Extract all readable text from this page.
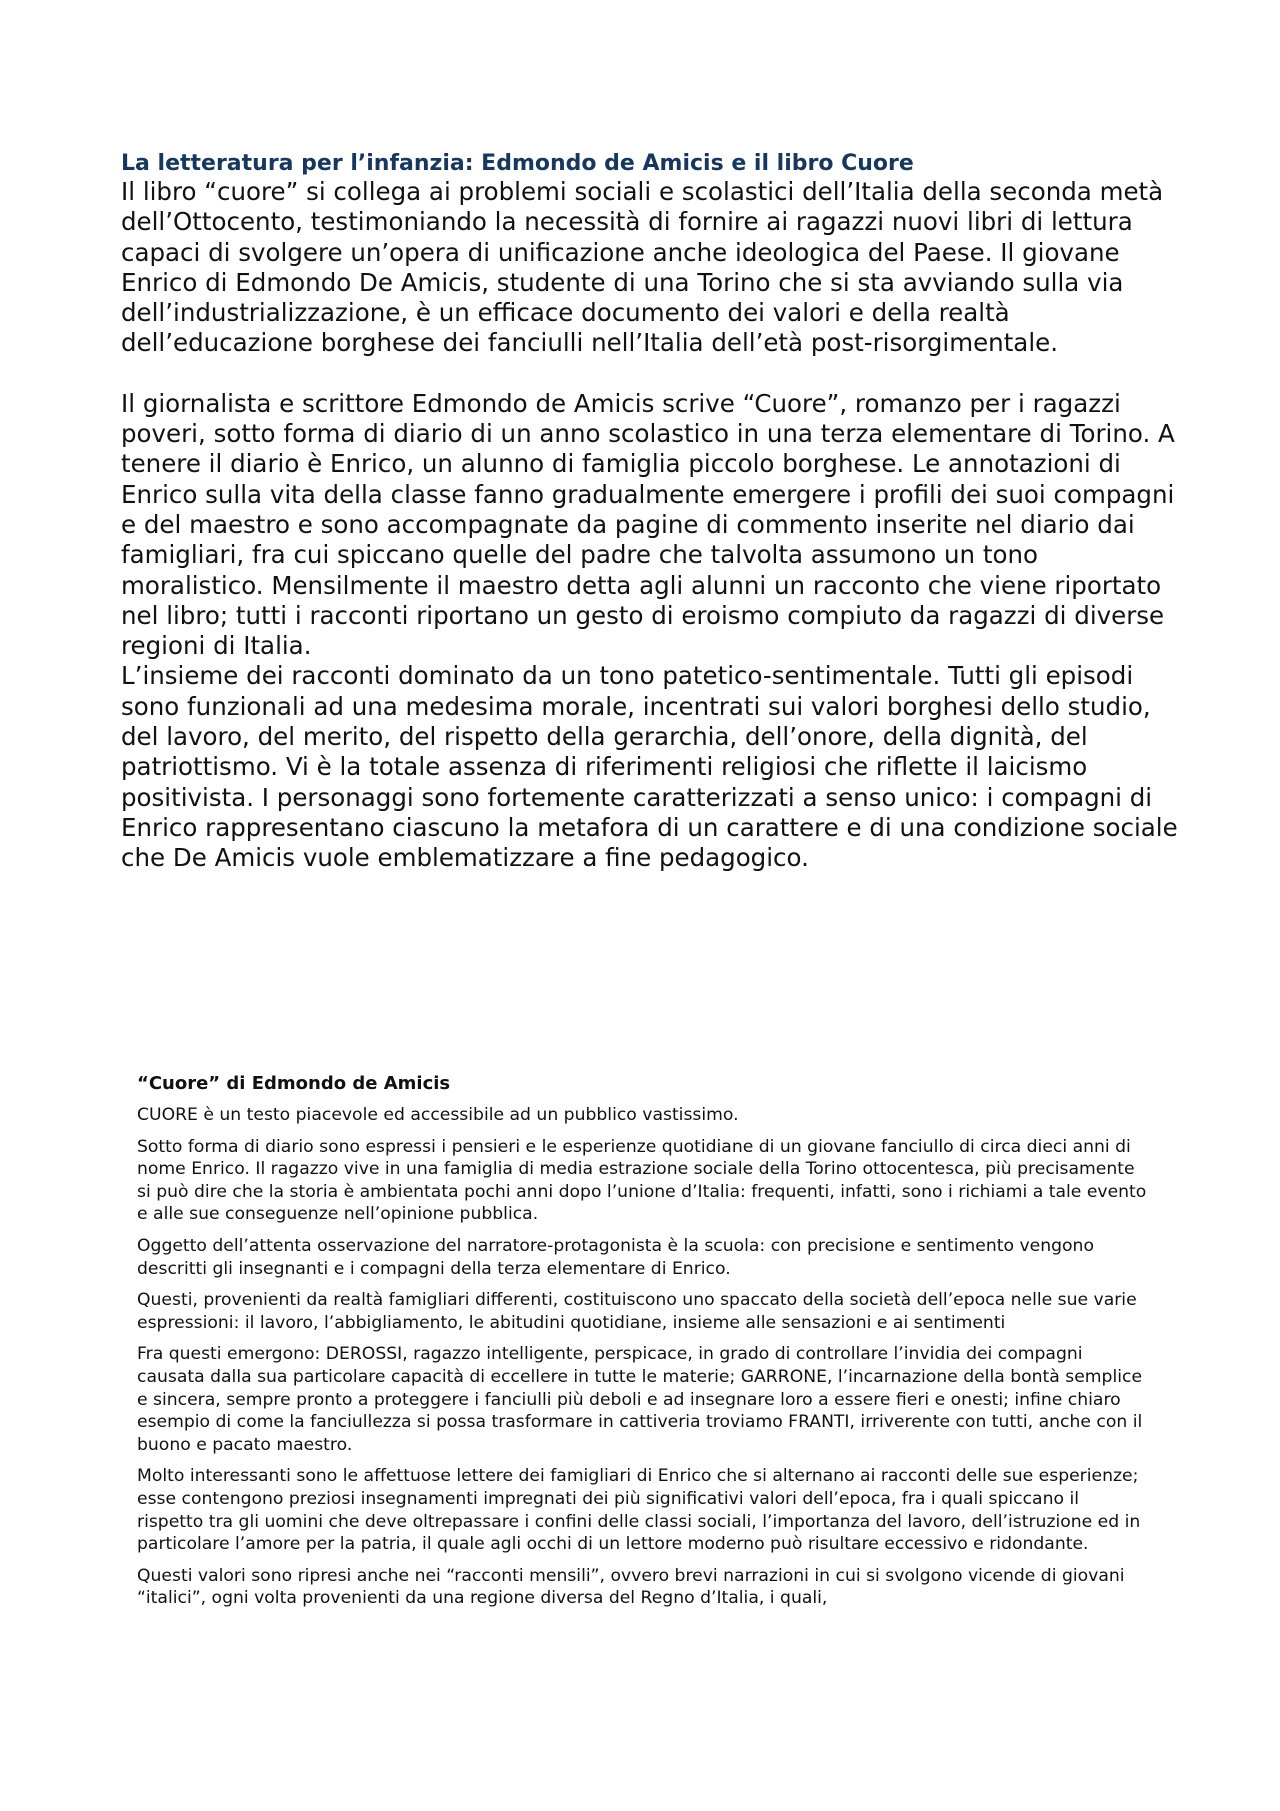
La letteratura per l’infanzia: Edmondo de Amicis e il libro Cuore

Il libro “cuore” si collega ai problemi sociali e scolastici dell’Italia della seconda metà dell’Ottocento, testimoniando la necessità di fornire ai ragazzi nuovi libri di lettura capaci di svolgere un’opera di unificazione anche ideologica del Paese. Il giovane Enrico di Edmondo De Amicis, studente di una Torino che si sta avviando sulla via dell’industrializzazione, è un efficace documento dei valori e della realtà dell’educazione borghese dei fanciulli nell’Italia dell’età post-risorgimentale.

Il giornalista e scrittore Edmondo de Amicis scrive “Cuore”, romanzo per i ragazzi poveri, sotto forma di diario di un anno scolastico in una terza elementare di Torino. A tenere il diario è Enrico, un alunno di famiglia piccolo borghese. Le annotazioni di Enrico sulla vita della classe fanno gradualmente emergere i profili dei suoi compagni e del maestro e sono accompagnate da pagine di commento inserite nel diario dai famigliari, fra cui spiccano quelle del padre che talvolta assumono un tono moralistico. Mensilmente il maestro detta agli alunni un racconto che viene riportato nel libro; tutti i racconti riportano un gesto di eroismo compiuto da ragazzi di diverse regioni di Italia.

L’insieme dei racconti dominato da un tono patetico-sentimentale. Tutti gli episodi sono funzionali ad una medesima morale, incentrati sui valori borghesi dello studio, del lavoro, del merito, del rispetto della gerarchia, dell’onore, della dignità, del patriottismo. Vi è la totale assenza di riferimenti religiosi che riflette il laicismo positivista. I personaggi sono fortemente caratterizzati a senso unico: i compagni di Enrico rappresentano ciascuno la metafora di un carattere e di una condizione sociale che De Amicis vuole emblematizzare a fine pedagogico.

“Cuore” di Edmondo de Amicis

CUORE è un testo piacevole ed accessibile ad un pubblico vastissimo.

Sotto forma di diario sono espressi i pensieri e le esperienze quotidiane di un giovane fanciullo di circa dieci anni di nome Enrico. Il ragazzo vive in una famiglia di media estrazione sociale della Torino ottocentesca, più precisamente si può dire che la storia è ambientata pochi anni dopo l’unione d’Italia: frequenti, infatti, sono i richiami a tale evento e alle sue conseguenze nell’opinione pubblica.

Oggetto dell’attenta osservazione del narratore-protagonista è la scuola: con precisione e sentimento vengono descritti gli insegnanti e i compagni della terza elementare di Enrico.

Questi, provenienti da realtà famigliari differenti, costituiscono uno spaccato della società dell’epoca nelle sue varie espressioni: il lavoro, l’abbigliamento, le abitudini quotidiane, insieme alle sensazioni e ai sentimenti

Fra questi emergono: DEROSSI, ragazzo intelligente, perspicace, in grado di controllare l’invidia dei compagni causata dalla sua particolare capacità di eccellere in tutte le materie; GARRONE, l’incarnazione della bontà semplice e sincera, sempre pronto a proteggere i fanciulli più deboli e ad insegnare loro a essere fieri e onesti; infine chiaro esempio di come la fanciullezza si possa trasformare in cattiveria troviamo FRANTI, irriverente con tutti, anche con il buono e pacato maestro.

Molto interessanti sono le affettuose lettere dei famigliari di Enrico che si alternano ai racconti delle sue esperienze; esse contengono preziosi insegnamenti impregnati dei più significativi valori dell’epoca, fra i quali spiccano il rispetto tra gli uomini che deve oltrepassare i confini delle classi sociali, l’importanza del lavoro, dell’istruzione ed in particolare l’amore per la patria, il quale agli occhi di un lettore moderno può risultare eccessivo e ridondante.

Questi valori sono ripresi anche nei “racconti mensili”, ovvero brevi narrazioni in cui si svolgono vicende di giovani “italici”, ogni volta provenienti da una regione diversa del Regno d’Italia, i quali,
